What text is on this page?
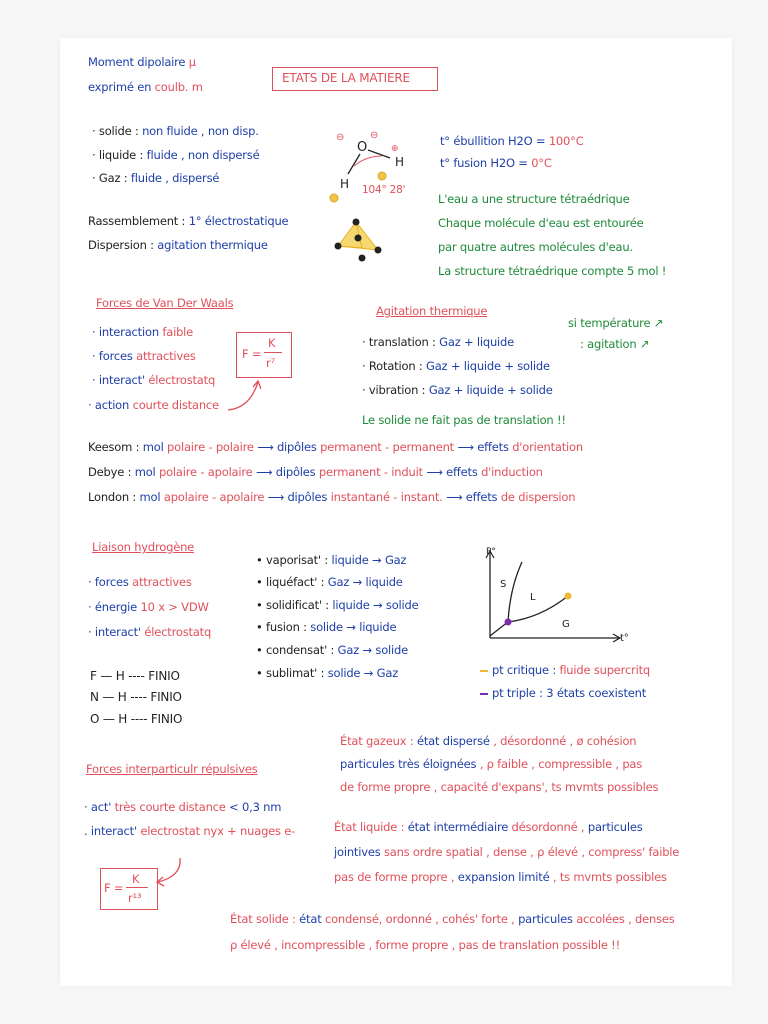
Moment dipolaire μ
exprimé en coulb. m
ETATS DE LA MATIERE
· solide : non fluide , non disp.
· liquide : fluide , non dispersé
· Gaz : fluide , dispersé
Rassemblement : 1° électrostatique
Dispersion : agitation thermique
⊖	⊖
O
H
H
⊕
104° 28'
t° ébullition H2O = 100°C
t° fusion H2O = 0°C
L'eau a une structure tétraédrique
Chaque molécule d'eau est entourée
par quatre autres molécules d'eau.
La structure tétraédrique compte 5 mol !
Forces de Van Der Waals
· interaction faible
· forces attractives
· interact' électrostatq
· action courte distance
F =
K
r⁷
Agitation thermique
· translation : Gaz + liquide
· Rotation : Gaz + liquide + solide
· vibration : Gaz + liquide + solide
Le solide ne fait pas de translation !!
si température ↗
: agitation ↗
Keesom : mol polaire - polaire ⟶ dipôles permanent - permanent ⟶ effets d'orientation
Debye : mol polaire - apolaire ⟶ dipôles permanent - induit ⟶ effets d'induction
London : mol apolaire - apolaire ⟶ dipôles instantané - instant. ⟶ effets de dispersion
Liaison hydrogène
· forces attractives
· énergie 10 x > VDW
· interact' électrostatq
F — H ---- FINIO
N — H ---- FINIO
O — H ---- FINIO
• vaporisat' : liquide → Gaz
• liquéfact' : Gaz → liquide
• solidificat' : liquide → solide
• fusion : solide → liquide
• condensat' : Gaz → solide
• sublimat' : solide → Gaz
P°
t°
S
L
G
pt critique : fluide supercritq
pt triple : 3 états coexistent
Forces interparticulr répulsives
· act' très courte distance < 0,3 nm
. interact' electrostat nyx + nuages e-
F =
K
r¹³
État gazeux : état dispersé , désordonné , ø cohésion
particules très éloignées , ρ faible , compressible , pas
de forme propre , capacité d'expans', ts mvmts possibles
État liquide : état intermédiaire désordonné , particules
jointives sans ordre spatial , dense , ρ élevé , compress' faible
pas de forme propre , expansion limité , ts mvmts possibles
État solide : état condensé, ordonné , cohés' forte , particules accolées , denses
ρ élevé , incompressible , forme propre , pas de translation possible !!
